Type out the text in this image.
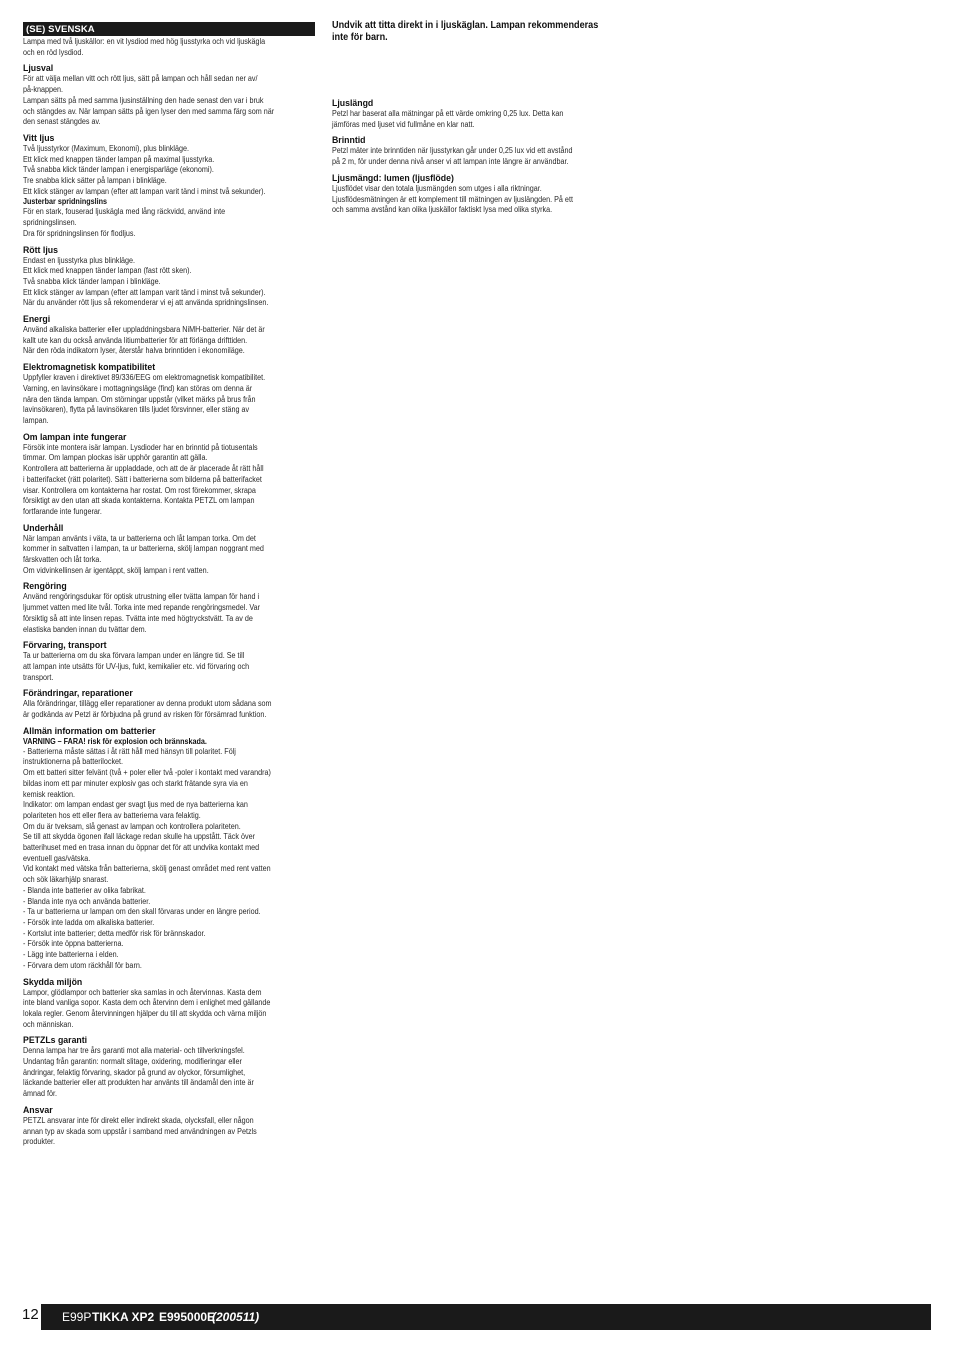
(SE) SVENSKA

Lampa med två ljuskällor: en vit lysdiod med hög ljusstyrka och vid ljuskägla
och en röd lysdiod.

Ljusval

För att välja mellan vitt och rött ljus, sätt på lampan och håll sedan ner av/
på-knappen.
Lampan sätts på med samma ljusinställning den hade senast den var i bruk
och stängdes av. När lampan sätts på igen lyser den med samma färg som när
den senast stängdes av.

Vitt ljus

Två ljusstyrkor (Maximum, Ekonomi), plus blinkläge.
Ett klick med knappen tänder lampan på maximal ljusstyrka.
Två snabba klick tänder lampan i energisparläge (ekonomi).
Tre snabba klick sätter på lampan i blinkläge.
Ett klick stänger av lampan (efter att lampan varit tänd i minst två sekunder).

Justerbar spridningslins

För en stark, fouserad ljuskägla med lång räckvidd, använd inte
spridningslinsen.
Dra för spridningslinsen för flodljus.

Rött ljus

Endast en ljusstyrka plus blinkläge.
Ett klick med knappen tänder lampan (fast rött sken).
Två snabba klick tänder lampan i blinkläge.
Ett klick stänger av lampan (efter att lampan varit tänd i minst två sekunder).
När du använder rött ljus så rekomenderar vi ej att använda spridningslinsen.

Energi

Använd alkaliska batterier eller uppladdningsbara NiMH-batterier. När det är
kallt ute kan du också använda litiumbatterier för att förlänga drifttiden.
När den röda indikatorn lyser, återstår halva brinntiden i ekonomiläge.

Elektromagnetisk kompatibilitet

Uppfyller kraven i direktivet 89/336/EEG om elektromagnetisk kompatibilitet.
Varning, en lavinsökare i mottagningsläge (find) kan störas om denna är
nära den tända lampan. Om störningar uppstår (vilket märks på brus från
lavinsökaren), flytta på lavinsökaren tills ljudet försvinner, eller stäng av
lampan.

Om lampan inte fungerar

Försök inte montera isär lampan. Lysdioder har en brinntid på tiotusentals
timmar. Om lampan plockas isär upphör garantin att gälla.
Kontrollera att batterierna är uppladdade, och att de är placerade åt rätt håll
i batterifacket (rätt polaritet). Sätt i batterierna som bilderna på batterifacket
visar. Kontrollera om kontakterna har rostat. Om rost förekommer, skrapa
försiktigt av den utan att skada kontakterna. Kontakta PETZL om lampan
fortfarande inte fungerar.

Underhåll

När lampan använts i väta, ta ur batterierna och låt lampan torka. Om det
kommer in saltvatten i lampan, ta ur batterierna, skölj lampan noggrant med
färskvatten och låt torka.
Om vidvinkellinsen är igentäppt, skölj lampan i rent vatten.

Rengöring

Använd rengöringsdukar för optisk utrustning eller tvätta lampan för hand i
ljummet vatten med lite tvål. Torka inte med repande rengöringsmedel. Var
försiktig så att inte linsen repas. Tvätta inte med högtryckstvätt. Ta av de
elastiska banden innan du tvättar dem.

Förvaring, transport

Ta ur batterierna om du ska förvara lampan under en längre tid. Se till
att lampan inte utsätts för UV-ljus, fukt, kemikalier etc. vid förvaring och
transport.

Förändringar, reparationer

Alla förändringar, tillägg eller reparationer av denna produkt utom sådana som
är godkända av Petzl är förbjudna på grund av risken för försämrad funktion.

Allmän information om batterier

VARNING – FARA! risk för explosion och brännskada.

- Batterierna måste sättas i åt rätt håll med hänsyn till polaritet. Följ
instruktionerna på batterilocket.
Om ett batteri sitter felvänt (två + poler eller två -poler i kontakt med varandra)
bildas inom ett par minuter explosiv gas och starkt frätande syra via en
kemisk reaktion.
Indikator: om lampan endast ger svagt ljus med de nya batterierna kan
polariteten hos ett eller flera av batterierna vara felaktig.
Om du är tveksam, slå genast av lampan och kontrollera polariteten.
Se till att skydda ögonen ifall läckage redan skulle ha uppstått. Täck över
batterihuset med en trasa innan du öppnar det för att undvika kontakt med
eventuell gas/vätska.
Vid kontakt med vätska från batterierna, skölj genast området med rent vatten
och sök läkarhjälp snarast.
- Blanda inte batterier av olika fabrikat.
- Blanda inte nya och använda batterier.
- Ta ur batterierna ur lampan om den skall förvaras under en längre period.
- Försök inte ladda om alkaliska batterier.
- Kortslut inte batterier; detta medför risk för brännskador.
- Försök inte öppna batterierna.
- Lägg inte batterierna i elden.
- Förvara dem utom räckhåll för barn.

Skydda miljön

Lampor, glödlampor och batterier ska samlas in och återvinnas. Kasta dem
inte bland vanliga sopor. Kasta dem och återvinn dem i enlighet med gällande
lokala regler. Genom återvinningen hjälper du till att skydda och värna miljön
och människan.

PETZLs garanti

Denna lampa har tre års garanti mot alla material- och tillverkningsfel.
Undantag från garantin: normalt slitage, oxidering, modifieringar eller
ändringar, felaktig förvaring, skador på grund av olyckor, försumlighet,
läckande batterier eller att produkten har använts till ändamål den inte är
ämnad för.

Ansvar

PETZL ansvarar inte för direkt eller indirekt skada, olycksfall, eller någon
annan typ av skada som uppstår i samband med användningen av Petzls
produkter.

Undvik att titta direkt in i ljuskäglan. Lampan rekommenderas
inte för barn.

Ljuslängd

Petzl har baserat alla mätningar på ett värde omkring 0,25 lux. Detta kan
jämföras med ljuset vid fullmåne en klar natt.

Brinntid

Petzl mäter inte brinntiden när ljusstyrkan går under 0,25 lux vid ett avstånd
på 2 m, för under denna nivå anser vi att lampan inte längre är användbar.

Ljusmängd: lumen (ljusflöde)

Ljusflödet visar den totala ljusmängden som utges i alla riktningar.
Ljusflödesmätningen är ett komplement till mätningen av ljuslängden. På ett
och samma avstånd kan olika ljuskällor faktiskt lysa med olika styrka.

12 E99P TIKKA XP2 E995000E
(200511)
